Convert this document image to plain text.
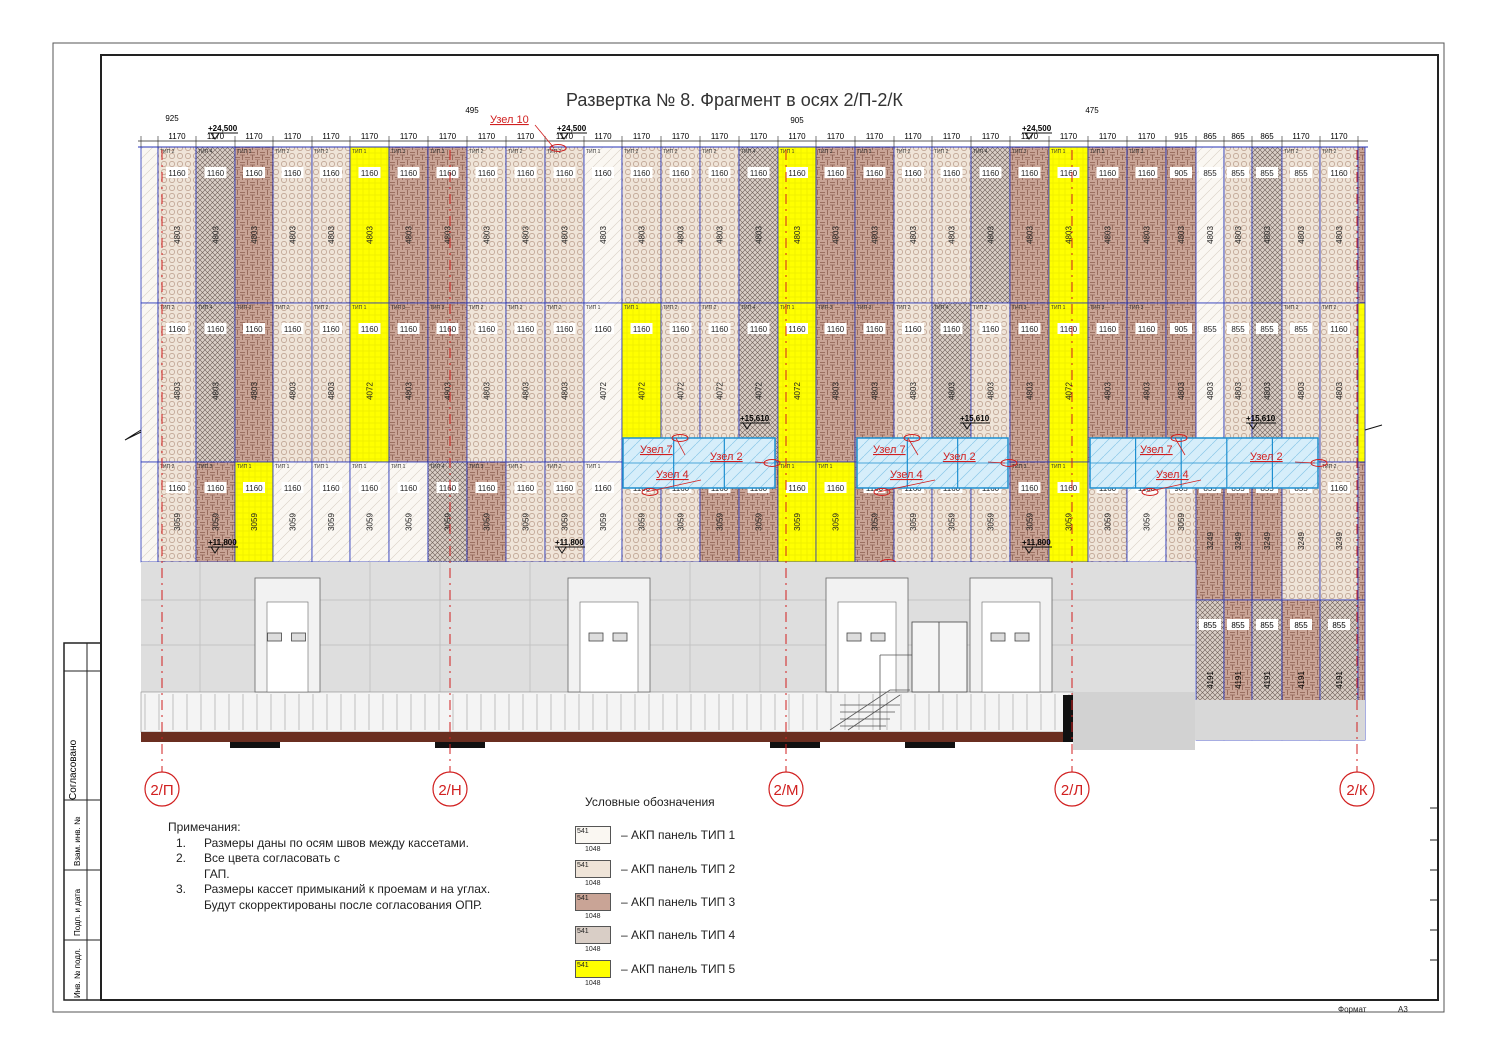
Согласовано
Взам. инв. №
Подп. и дата
Инв. № подл.
Развертка № 8. Фрагмент в осях 2/П-2/К
1160
4803
ТИП 2
1160
4803
ТИП 4
1160
4803
ТИП 3
1160
4803
ТИП 2
1160
4803
ТИП 2
1160
4803
ТИП 1
1160
4803
ТИП 3
1160
4803
ТИП 3
1160
4803
ТИП 2
1160
4803
ТИП 2
1160
4803
ТИП 2
1160
4803
ТИП 1
1160
4803
ТИП 2
1160
4803
ТИП 2
1160
4803
ТИП 2
1160
4803
ТИП 4
1160
4803
ТИП 1
1160
4803
ТИП 3
1160
4803
ТИП 3
1160
4803
ТИП 2
1160
4803
ТИП 2
1160
4803
ТИП 4
1160
4803
ТИП 3
1160
4803
ТИП 1
1160
4803
ТИП 3
1160
4803
ТИП 3
905
4803
855
4803
855
4803
855
4803
855
4803
ТИП 2
1160
4803
ТИП 2
1160
4803
ТИП 2
1160
4803
ТИП 4
1160
4803
ТИП 3
1160
4803
ТИП 2
1160
4803
ТИП 2
1160
4072
ТИП 1
1160
4803
ТИП 3
1160
4803
ТИП 3
1160
4803
ТИП 2
1160
4803
ТИП 2
1160
4803
ТИП 2
1160
4072
ТИП 1
1160
4072
ТИП 1
1160
4072
ТИП 2
1160
4072
ТИП 2
1160
4072
ТИП 4
1160
4072
ТИП 1
1160
4803
ТИП 3
1160
4803
ТИП 3
1160
4803
ТИП 2
1160
4803
ТИП 4
1160
4803
ТИП 2
1160
4803
ТИП 3
1160
4072
ТИП 1
1160
4803
ТИП 3
1160
4803
ТИП 3
905
4803
855
4803
855
4803
855
4803
855
4803
ТИП 2
1160
4803
ТИП 2
1160
3059
ТИП 2
1160
3059
ТИП 3
1160
3059
ТИП 1
1160
3059
ТИП 1
1160
3059
ТИП 1
1160
3059
ТИП 1
1160
3059
ТИП 1
1160
3059
ТИП 4
1160
3059
ТИП 3
1160
3059
ТИП 2
1160
3059
ТИП 2
1160
3059
ТИП 1
3059	3059	3059	3059
1160
3059
ТИП 1
1160
3059
ТИП 1
3059	3059	3059	3059
1160
3059
ТИП 3
1160
3059
ТИП 1
3059	3059	3059
3249 3249	3249	3249
1160
3249
ТИП 2
855
4191
855
4191
855
4191
855
4191
855
4191
1170	1170	1170	1170	1170	1170	1170	1170	1170	1170	1170	1170	1170	1170	1170	1170	1170	1170	1170	1170	1170	1170	1170	1170	1170	1170 915 865 865 865 1170	1170
925
495
905
475
+24,500	+24,500	+24,500
+15,610	+15,610	+15,610
+11,800	+11,800	+11,800
Узел 10
Узел 7
Узел 2
Узел 4
Узел 7
Узел 2
Узел 4
Узел 7
Узел 2
Узел 4
2/П	2/Н	2/М	2/Л	2/К
Примечания:
1.	Размеры даны по осям швов между кассетами.
2.	Все цвета согласовать с
ГАП.
3.	Размеры кассет примыканий к проемам и на углах.
Будут скорректированы после согласования ОПР.
Условные обозначения
541
1048
– АКП панель ТИП 1
541
1048
– АКП панель ТИП 2
541
1048
– АКП панель ТИП 3
541
1048
– АКП панель ТИП 4
541
1048
– АКП панель ТИП 5
Формат	А3
